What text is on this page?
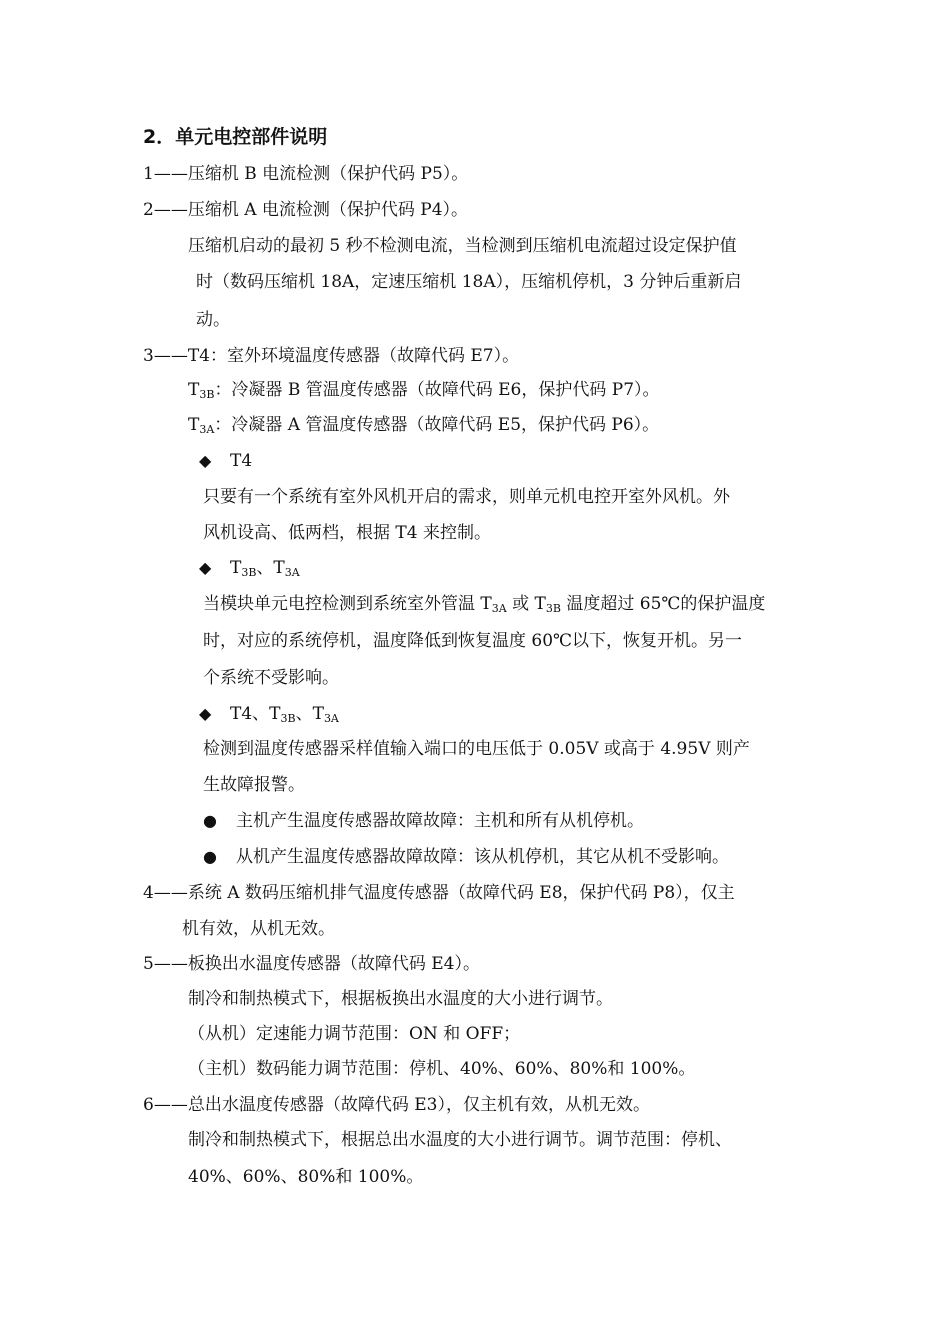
2．单元电控部件说明
1——压缩机 B 电流检测（保护代码 P5）。
2——压缩机 A 电流检测（保护代码 P4）。
压缩机启动的最初 5 秒不检测电流，当检测到压缩机电流超过设定保护值
时（数码压缩机 18A，定速压缩机 18A），压缩机停机，3 分钟后重新启
动。
3——T4：室外环境温度传感器（故障代码 E7）。
$T_{3B}$：冷凝器 B 管温度传感器（故障代码 E6，保护代码 P7）。
$T_{3A}$：冷凝器 A 管温度传感器（故障代码 E5，保护代码 P6）。
◆ T4
只要有一个系统有室外风机开启的需求，则单元机电控开室外风机。外
风机设高、低两档，根据 T4 来控制。
◆ $T_{3B}$、$T_{3A}$
当模块单元电控检测到系统室外管温 $T_{3A}$ 或 $T_{3B}$ 温度超过 65℃的保护温度
时，对应的系统停机，温度降低到恢复温度 60℃以下，恢复开机。另一
个系统不受影响。
◆ T4、$T_{3B}$、$T_{3A}$
检测到温度传感器采样值输入端口的电压低于 0.05V 或高于 4.95V 则产
生故障报警。
● 主机产生温度传感器故障故障：主机和所有从机停机。
● 从机产生温度传感器故障故障：该从机停机，其它从机不受影响。
4——系统 A 数码压缩机排气温度传感器（故障代码 E8，保护代码 P8），仅主
机有效，从机无效。
5——板换出水温度传感器（故障代码 E4）。
制冷和制热模式下，根据板换出水温度的大小进行调节。
（从机）定速能力调节范围：ON 和 OFF；
（主机）数码能力调节范围：停机、40%、60%、80%和 100%。
6——总出水温度传感器（故障代码 E3），仅主机有效，从机无效。
制冷和制热模式下，根据总出水温度的大小进行调节。调节范围：停机、
40%、60%、80%和 100%。
